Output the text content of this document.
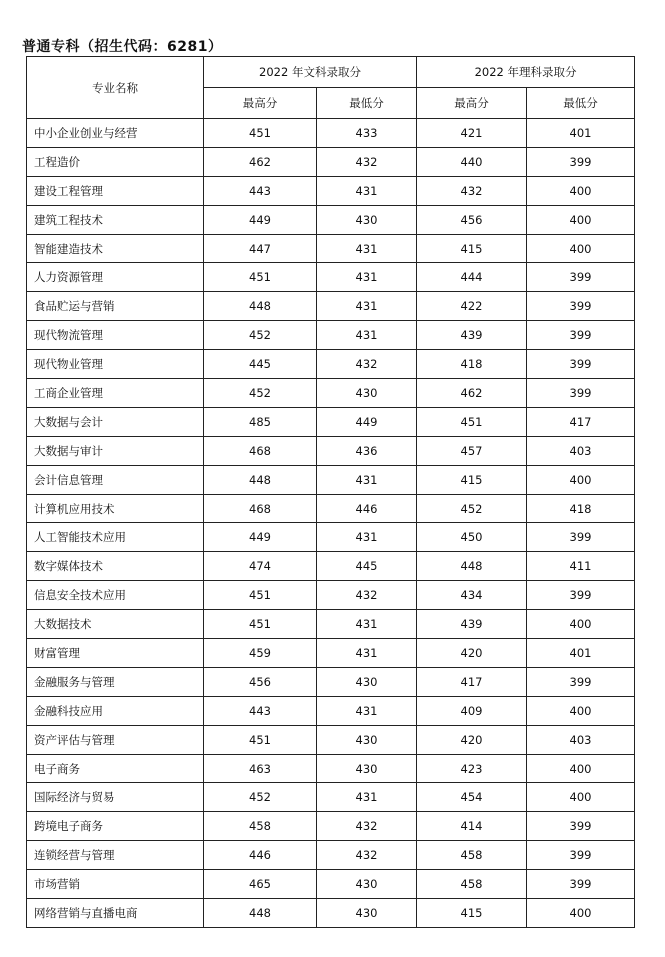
普通专科（招生代码：6281）
专业名称	2022 年文科录取分		2022 年理科录取分	
	最高分	最低分	最高分	最低分
中小企业创业与经营	451	433	421	401
工程造价	462	432	440	399
建设工程管理	443	431	432	400
建筑工程技术	449	430	456	400
智能建造技术	447	431	415	400
人力资源管理	451	431	444	399
食品贮运与营销	448	431	422	399
现代物流管理	452	431	439	399
现代物业管理	445	432	418	399
工商企业管理	452	430	462	399
大数据与会计	485	449	451	417
大数据与审计	468	436	457	403
会计信息管理	448	431	415	400
计算机应用技术	468	446	452	418
人工智能技术应用	449	431	450	399
数字媒体技术	474	445	448	411
信息安全技术应用	451	432	434	399
大数据技术	451	431	439	400
财富管理	459	431	420	401
金融服务与管理	456	430	417	399
金融科技应用	443	431	409	400
资产评估与管理	451	430	420	403
电子商务	463	430	423	400
国际经济与贸易	452	431	454	400
跨境电子商务	458	432	414	399
连锁经营与管理	446	432	458	399
市场营销	465	430	458	399
网络营销与直播电商	448	430	415	400
